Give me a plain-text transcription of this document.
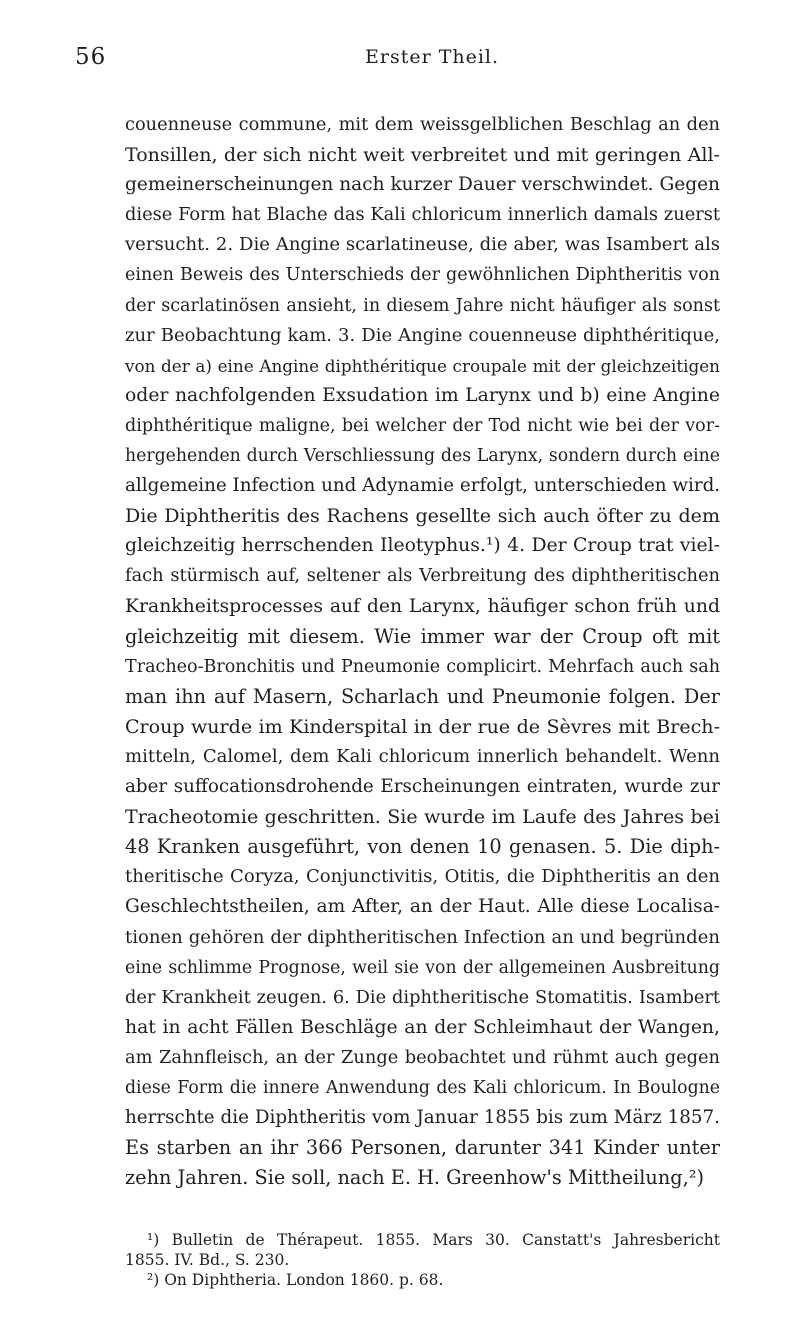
56	Erster Theil.
couenneuse commune, mit dem weissgelblichen Beschlag an den
Tonsillen, der sich nicht weit verbreitet und mit geringen All-
gemeinerscheinungen nach kurzer Dauer verschwindet. Gegen
diese Form hat Blache das Kali chloricum innerlich damals zuerst
versucht. 2. Die Angine scarlatineuse, die aber, was Isambert als
einen Beweis des Unterschieds der gewöhnlichen Diphtheritis von
der scarlatinösen ansieht, in diesem Jahre nicht häufiger als sonst
zur Beobachtung kam. 3. Die Angine couenneuse diphthéritique,
von der a) eine Angine diphthéritique croupale mit der gleichzeitigen
oder nachfolgenden Exsudation im Larynx und b) eine Angine
diphthéritique maligne, bei welcher der Tod nicht wie bei der vor-
hergehenden durch Verschliessung des Larynx, sondern durch eine
allgemeine Infection und Adynamie erfolgt, unterschieden wird.
Die Diphtheritis des Rachens gesellte sich auch öfter zu dem
gleichzeitig herrschenden Ileotyphus.¹) 4. Der Croup trat viel-
fach stürmisch auf, seltener als Verbreitung des diphtheritischen
Krankheitsprocesses auf den Larynx, häufiger schon früh und
gleichzeitig mit diesem. Wie immer war der Croup oft mit
Tracheo-Bronchitis und Pneumonie complicirt. Mehrfach auch sah
man ihn auf Masern, Scharlach und Pneumonie folgen. Der
Croup wurde im Kinderspital in der rue de Sèvres mit Brech-
mitteln, Calomel, dem Kali chloricum innerlich behandelt. Wenn
aber suffocationsdrohende Erscheinungen eintraten, wurde zur
Tracheotomie geschritten. Sie wurde im Laufe des Jahres bei
48 Kranken ausgeführt, von denen 10 genasen. 5. Die diph-
theritische Coryza, Conjunctivitis, Otitis, die Diphtheritis an den
Geschlechtstheilen, am After, an der Haut. Alle diese Localisa-
tionen gehören der diphtheritischen Infection an und begründen
eine schlimme Prognose, weil sie von der allgemeinen Ausbreitung
der Krankheit zeugen. 6. Die diphtheritische Stomatitis. Isambert
hat in acht Fällen Beschläge an der Schleimhaut der Wangen,
am Zahnfleisch, an der Zunge beobachtet und rühmt auch gegen
diese Form die innere Anwendung des Kali chloricum. In Boulogne
herrschte die Diphtheritis vom Januar 1855 bis zum März 1857.
Es starben an ihr 366 Personen, darunter 341 Kinder unter
zehn Jahren. Sie soll, nach E. H. Greenhow's Mittheilung,²)
¹) Bulletin de Thérapeut. 1855. Mars 30. Canstatt's Jahresbericht
1855. IV. Bd., S. 230.
²) On Diphtheria. London 1860. p. 68.
